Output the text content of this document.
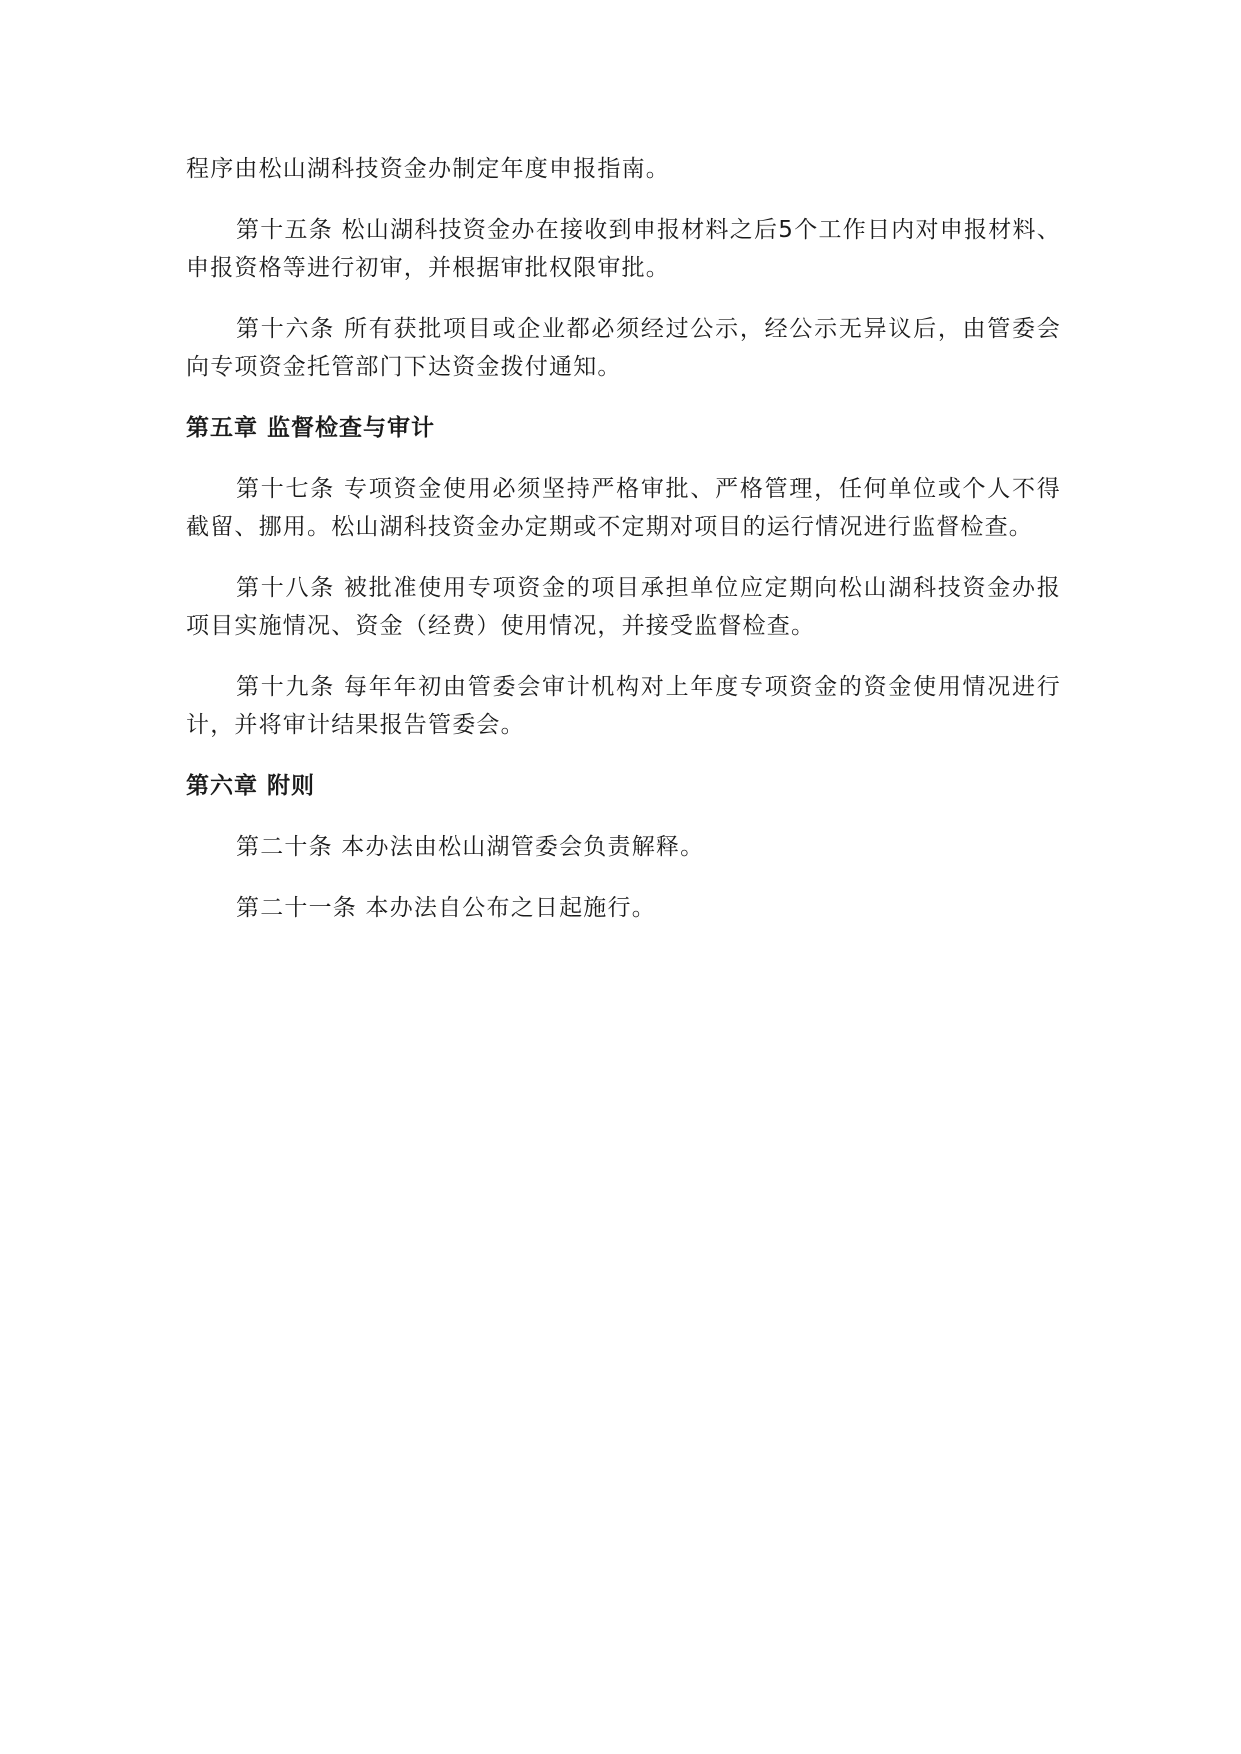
程序由松山湖科技资金办制定年度申报指南。

第十五条 松山湖科技资金办在接收到申报材料之后5个工作日内对申报材料、申报资格等进行初审，并根据审批权限审批。

第十六条 所有获批项目或企业都必须经过公示，经公示无异议后，由管委会向专项资金托管部门下达资金拨付通知。

第五章 监督检查与审计

第十七条 专项资金使用必须坚持严格审批、严格管理，任何单位或个人不得截留、挪用。松山湖科技资金办定期或不定期对项目的运行情况进行监督检查。

第十八条 被批准使用专项资金的项目承担单位应定期向松山湖科技资金办报项目实施情况、资金（经费）使用情况，并接受监督检查。

第十九条 每年年初由管委会审计机构对上年度专项资金的资金使用情况进行计，并将审计结果报告管委会。

第六章 附则

第二十条 本办法由松山湖管委会负责解释。

第二十一条 本办法自公布之日起施行。
